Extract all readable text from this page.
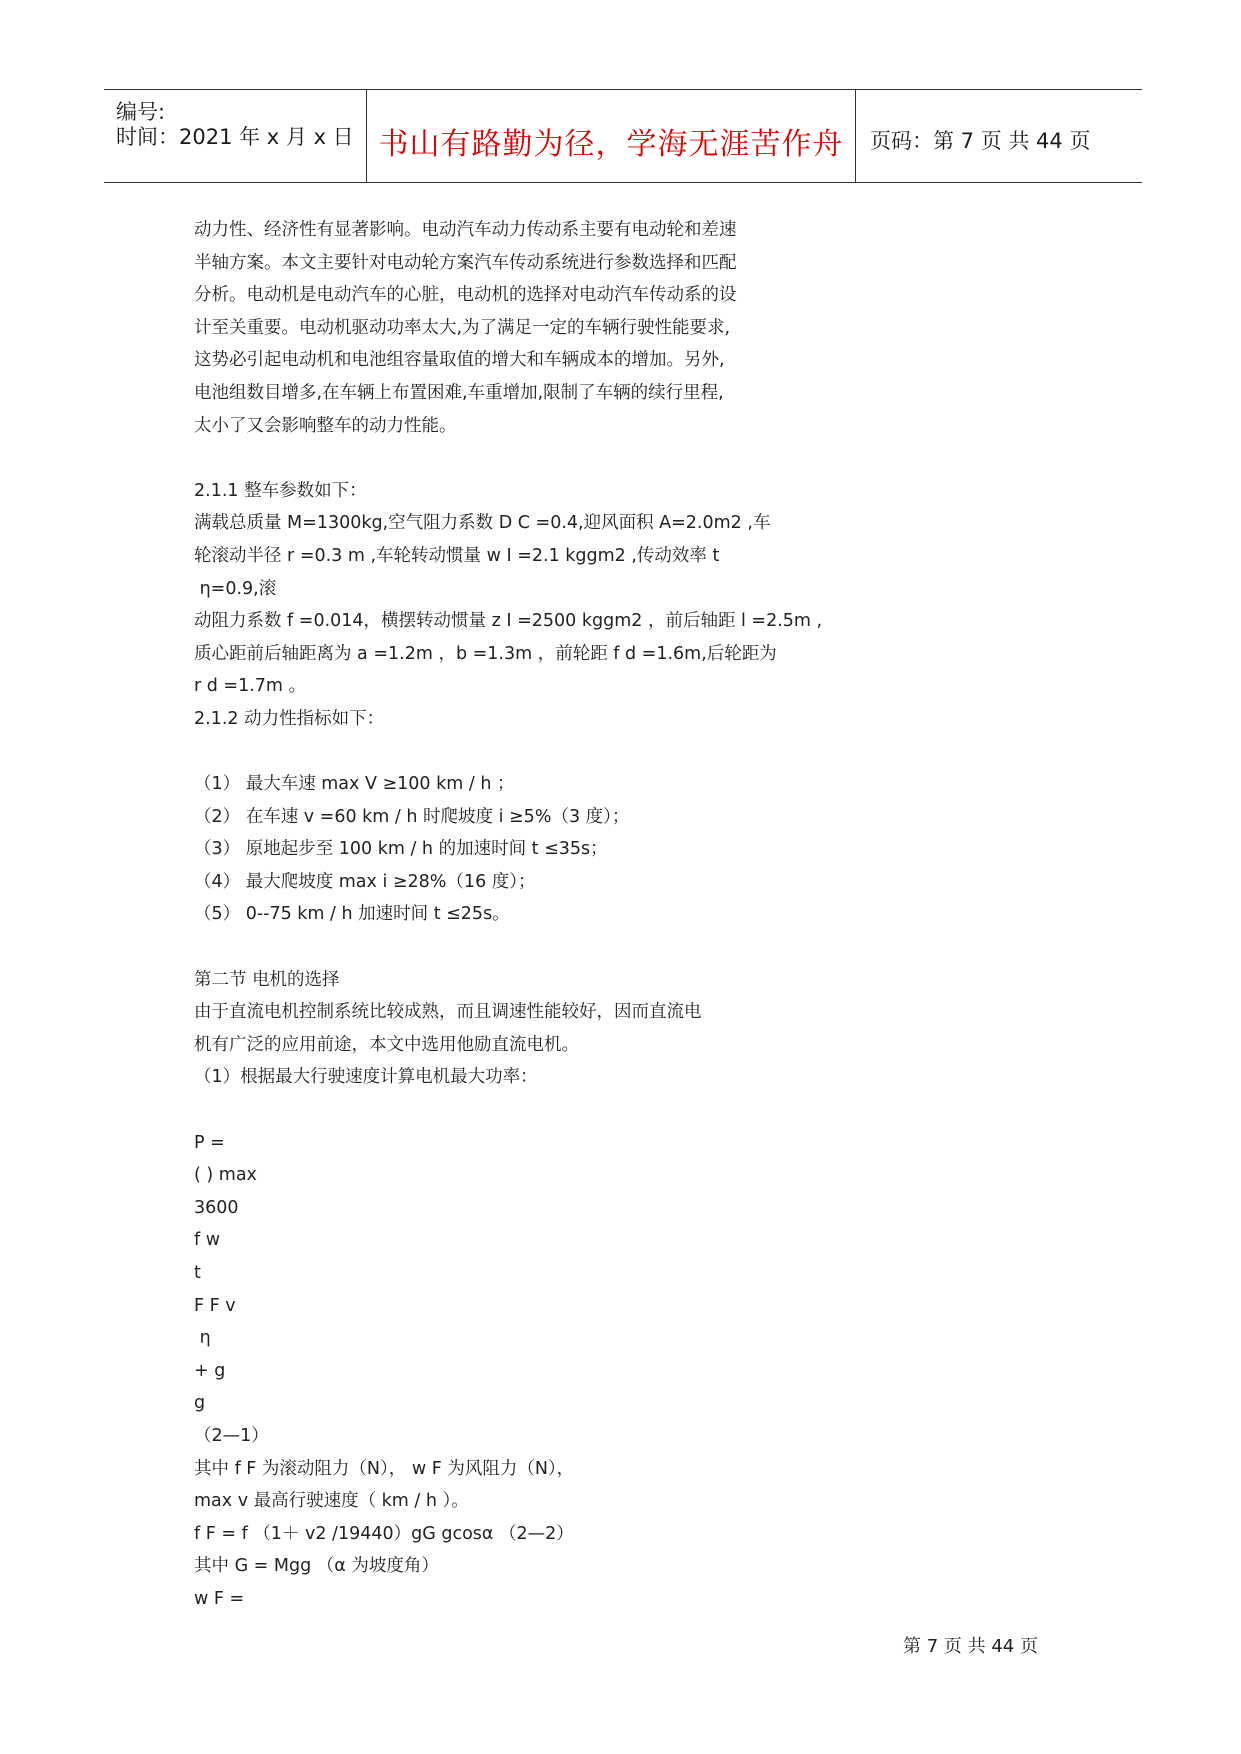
编号:
时间：2021 年 x 月 x 日 书山有路勤为径，学海无涯苦作舟	页码：第 7 页 共 44 页
动力性、经济性有显著影响。电动汽车动力传动系主要有电动轮和差速
半轴方案。本文主要针对电动轮方案汽车传动系统进行参数选择和匹配
分析。电动机是电动汽车的心脏，电动机的选择对电动汽车传动系的设
计至关重要。电动机驱动功率太大,为了满足一定的车辆行驶性能要求,
这势必引起电动机和电池组容量取值的增大和车辆成本的增加。另外,
电池组数目增多,在车辆上布置困难,车重增加,限制了车辆的续行里程,
太小了又会影响整车的动力性能。
2.1.1 整车参数如下：
满载总质量 M=1300kg,空气阻力系数 D C =0.4,迎风面积 A=2.0m2 ,车
轮滚动半径 r =0.3 m ,车轮转动惯量 w I =2.1 kggm2 ,传动效率 t
η=0.9,滚
动阻力系数 f =0.014，横摆转动惯量 z I =2500 kggm2 ，前后轴距 l =2.5m ,
质心距前后轴距离为 a =1.2m ，b =1.3m ，前轮距 f d =1.6m,后轮距为
r d =1.7m 。
2.1.2 动力性指标如下：
（1） 最大车速 max V ≥100 km / h ；
（2） 在车速 v =60 km / h 时爬坡度 i ≥5%（3 度）；
（3） 原地起步至 100 km / h 的加速时间 t ≤35s；
（4） 最大爬坡度 max i ≥28%（16 度）；
（5） 0--75 km / h 加速时间 t ≤25s。
第二节 电机的选择
由于直流电机控制系统比较成熟，而且调速性能较好，因而直流电
机有广泛的应用前途，本文中选用他励直流电机。
（1）根据最大行驶速度计算电机最大功率：
P =
( ) max
3600
f w
t
F F v
η
+ g
g
（2—1）
其中 f F 为滚动阻力（N）， w F 为风阻力（N），
max v 最高行驶速度（ km / h ）。
f F = f （1＋ v2 /19440）gG gcosα （2—2）
其中 G = Mgg （α 为坡度角）
w F =
第 7 页 共 44 页
